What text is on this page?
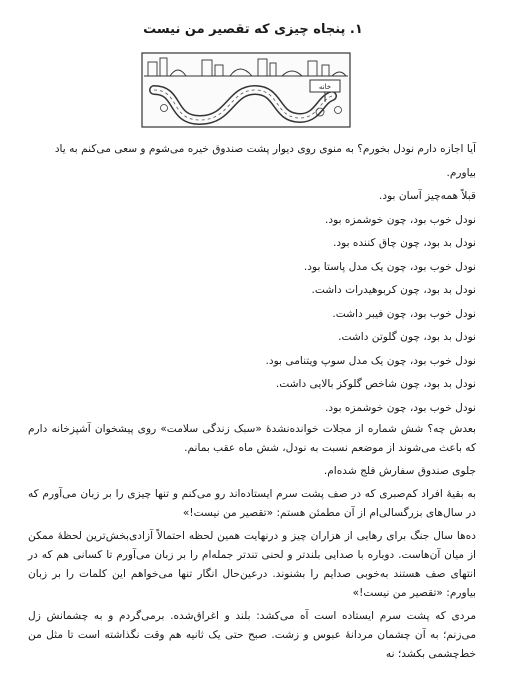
۱. پنجاه چیزی که تقصیر من نیست
خانه

آیا اجازه دارم نودل بخورم؟ به منوی روی دیوار پشت صندوق خیره می‌شوم و سعی می‌کنم به یاد بیاورم.

قبلاً همه‌چیز آسان بود.

نودل خوب بود، چون خوشمزه بود.

نودل بد بود، چون چاق کننده بود.

نودل خوب بود، چون یک مدل پاستا بود.

نودل بد بود، چون کربوهیدرات داشت.

نودل خوب بود، چون فیبر داشت.

نودل بد بود، چون گلوتن داشت.

نودل خوب بود، چون یک مدل سوپ ویتنامی بود.

نودل بد بود، چون شاخص گلوکز بالایی داشت.

نودل خوب بود، چون خوشمزه بود.

بعدش چه؟ شش شماره از مجلات خوانده‌نشدهٔ «سبک زندگی سلامت» روی پیشخوان آشپزخانه دارم که باعث می‌شوند از موضعم نسبت به نودل، شش ماه عقب بمانم.

جلوی صندوق سفارش فلج شده‌ام.

به بقیهٔ افراد کم‌صبری که در صف پشت سرم ایستاده‌اند رو می‌کنم و تنها چیزی را بر زبان می‌آورم که در سال‌های بزرگسالی‌ام از آن مطمئن هستم: «تقصیر من نیست!»

ده‌ها سال جنگ برای رهایی از هزاران چیز و درنهایت همین لحظه احتمالاً آزادی‌بخش‌ترین لحظهٔ ممکن از میان آن‌هاست. دوباره با صدایی بلندتر و لحنی تندتر جمله‌ام را بر زبان می‌آورم تا کسانی هم که در انتهای صف هستند به‌خوبی صدایم را بشنوند. درعین‌حال انگار تنها می‌خواهم این کلمات را بر زبان بیاورم: «تقصیر من نیست!»

مردی که پشت سرم ایستاده است آه می‌کشد: بلند و اغراق‌شده. برمی‌گردم و به چشمانش زل می‌زنم؛ به آن چشمان مردانهٔ عبوس و زشت. صبح حتی یک ثانیه هم وقت نگذاشته است تا مثل من خط‌چشمی بکشد؛ نه
